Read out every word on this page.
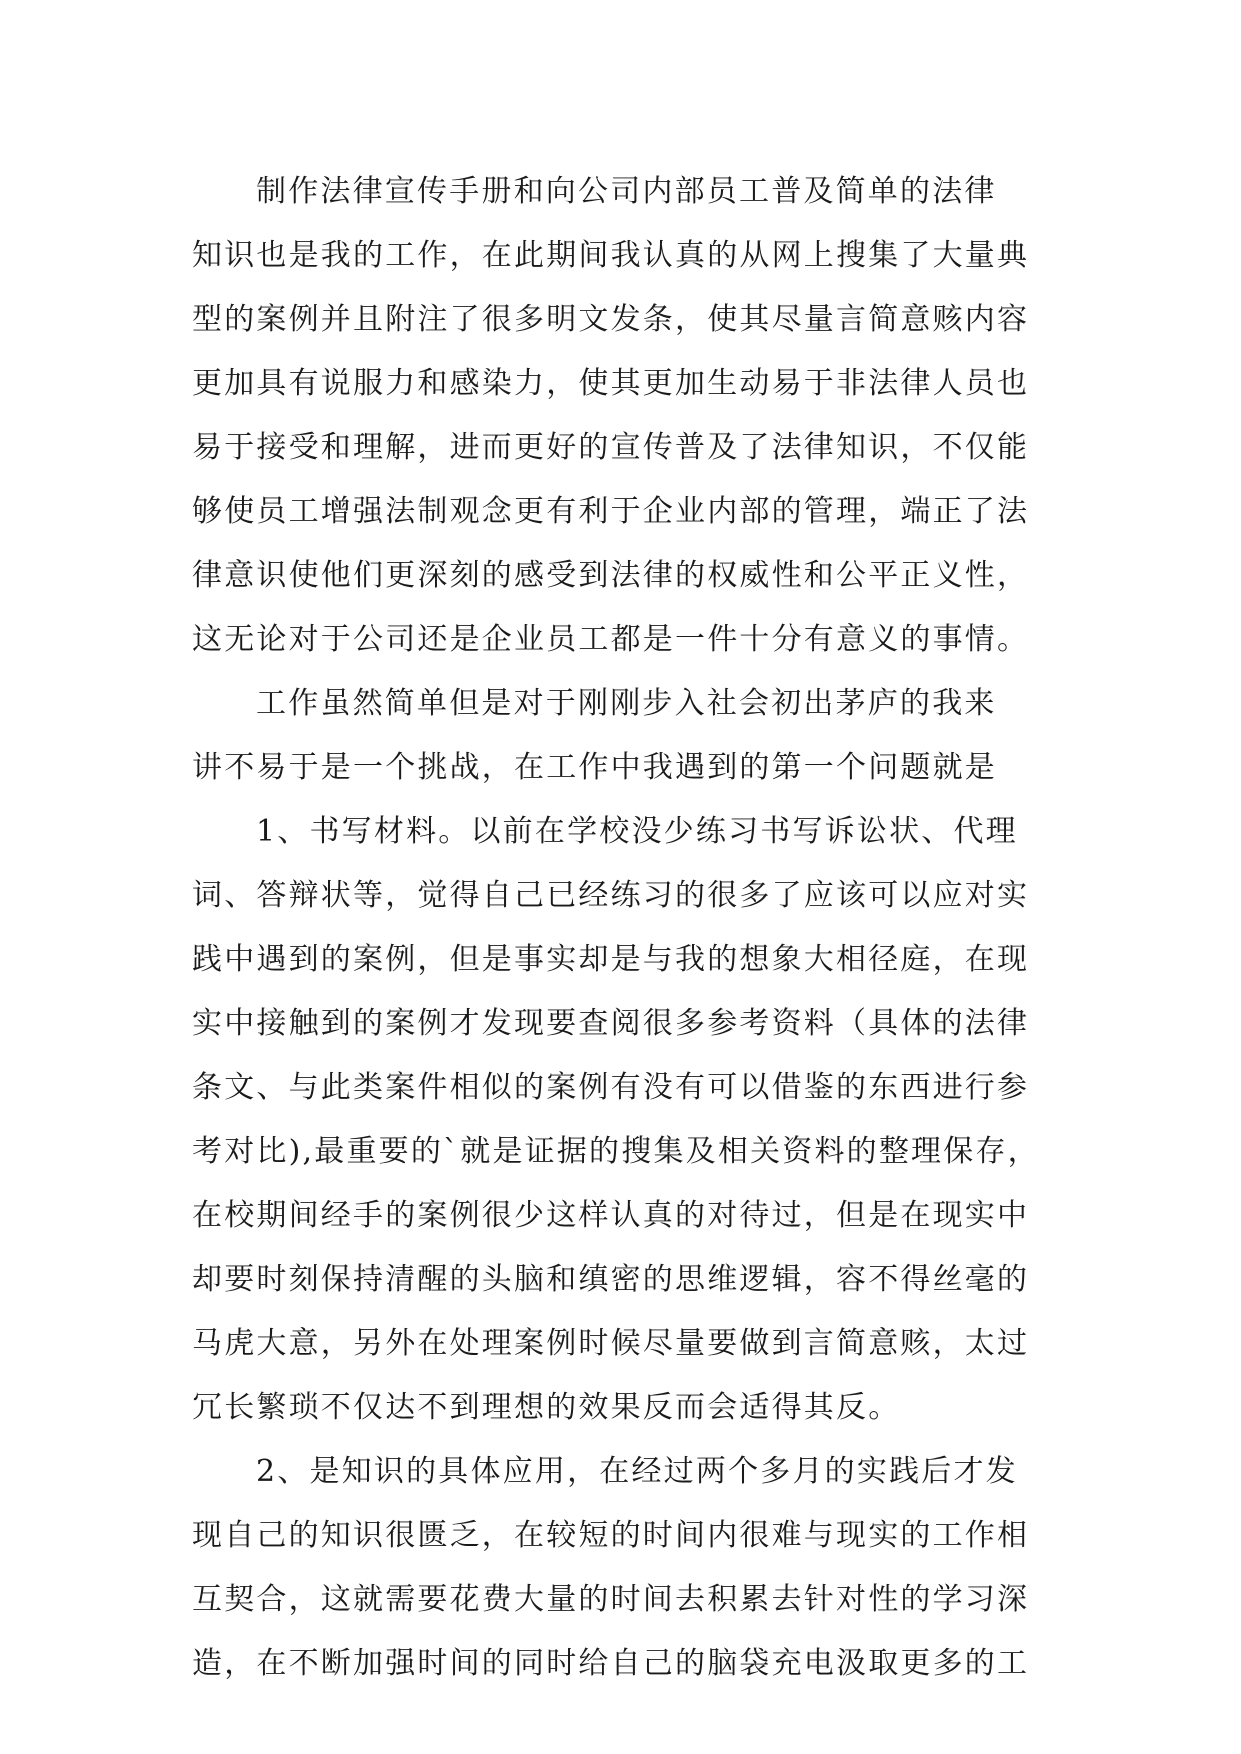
制作法律宣传手册和向公司内部员工普及简单的法律
知识也是我的工作，在此期间我认真的从网上搜集了大量典
型的案例并且附注了很多明文发条，使其尽量言简意赅内容
更加具有说服力和感染力，使其更加生动易于非法律人员也
易于接受和理解，进而更好的宣传普及了法律知识，不仅能
够使员工增强法制观念更有利于企业内部的管理，端正了法
律意识使他们更深刻的感受到法律的权威性和公平正义性，
这无论对于公司还是企业员工都是一件十分有意义的事情。
工作虽然简单但是对于刚刚步入社会初出茅庐的我来
讲不易于是一个挑战，在工作中我遇到的第一个问题就是
1、书写材料。以前在学校没少练习书写诉讼状、代理
词、答辩状等，觉得自己已经练习的很多了应该可以应对实
践中遇到的案例，但是事实却是与我的想象大相径庭，在现
实中接触到的案例才发现要查阅很多参考资料（具体的法律
条文、与此类案件相似的案例有没有可以借鉴的东西进行参
考对比),最重要的`就是证据的搜集及相关资料的整理保存，
在校期间经手的案例很少这样认真的对待过，但是在现实中
却要时刻保持清醒的头脑和缜密的思维逻辑，容不得丝毫的
马虎大意，另外在处理案例时候尽量要做到言简意赅，太过
冗长繁琐不仅达不到理想的效果反而会适得其反。
2、是知识的具体应用，在经过两个多月的实践后才发
现自己的知识很匮乏，在较短的时间内很难与现实的工作相
互契合，这就需要花费大量的时间去积累去针对性的学习深
造，在不断加强时间的同时给自己的脑袋充电汲取更多的工
